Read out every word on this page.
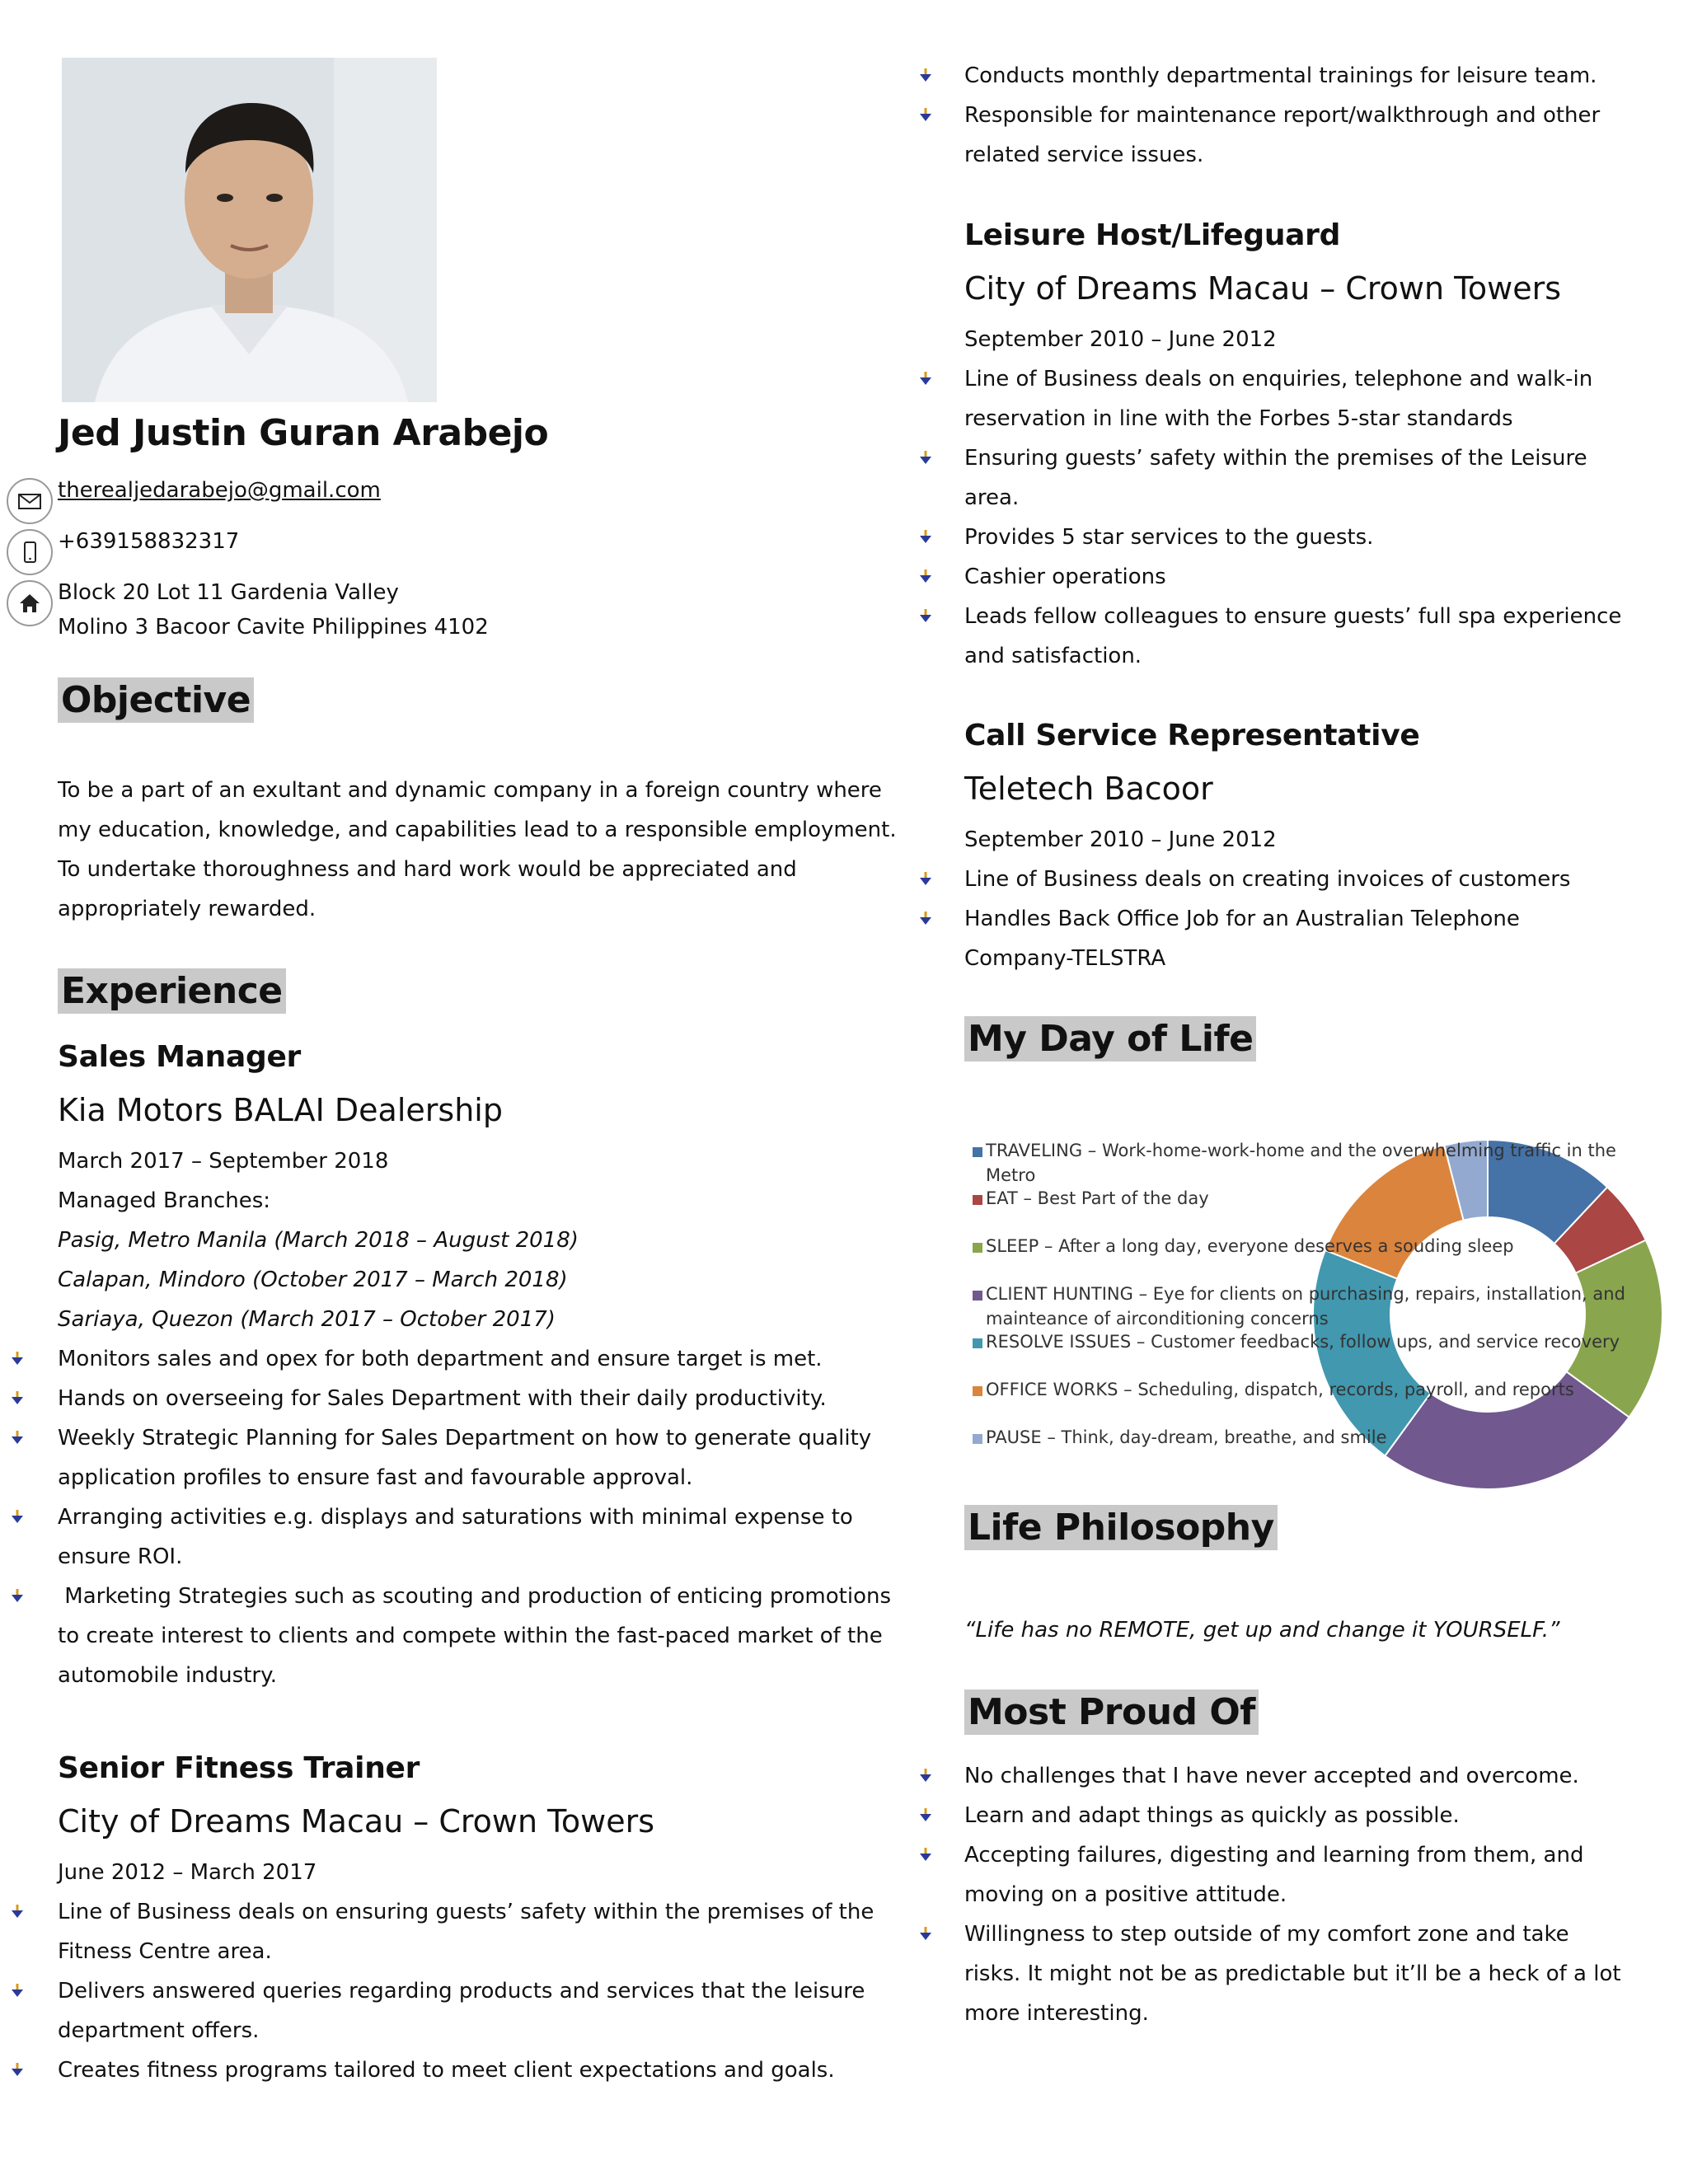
Jed Justin Guran Arabejo
therealjedarabejo@gmail.com
+639158832317
Block 20 Lot 11 Gardenia Valley
Molino 3 Bacoor Cavite Philippines 4102
Objective
To be a part of an exultant and dynamic company in a foreign country where
my education, knowledge, and capabilities lead to a responsible employment.
To undertake thoroughness and hard work would be appreciated and
appropriately rewarded.
Experience
Sales Manager
Kia Motors BALAI Dealership
March 2017 – September 2018
Managed Branches:
Pasig, Metro Manila (March 2018 – August 2018)
Calapan, Mindoro (October 2017 – March 2018)
Sariaya, Quezon (March 2017 – October 2017)
Monitors sales and opex for both department and ensure target is met.
Hands on overseeing for Sales Department with their daily productivity.
Weekly Strategic Planning for Sales Department on how to generate quality
application profiles to ensure fast and favourable approval.
Arranging activities e.g. displays and saturations with minimal expense to
ensure ROI.
Marketing Strategies such as scouting and production of enticing promotions
to create interest to clients and compete within the fast-paced market of the
automobile industry.
Senior Fitness Trainer
City of Dreams Macau – Crown Towers
June 2012 – March 2017
Line of Business deals on ensuring guests’ safety within the premises of the
Fitness Centre area.
Delivers answered queries regarding products and services that the leisure
department offers.
Creates fitness programs tailored to meet client expectations and goals.
Conducts monthly departmental trainings for leisure team.
Responsible for maintenance report/walkthrough and other
related service issues.
Leisure Host/Lifeguard
City of Dreams Macau – Crown Towers
September 2010 – June 2012
Line of Business deals on enquiries, telephone and walk-in
reservation in line with the Forbes 5-star standards
Ensuring guests’ safety within the premises of the Leisure
area.
Provides 5 star services to the guests.
Cashier operations
Leads fellow colleagues to ensure guests’ full spa experience
and satisfaction.
Call Service Representative
Teletech Bacoor
September 2010 – June 2012
Line of Business deals on creating invoices of customers
Handles Back Office Job for an Australian Telephone
Company-TELSTRA
My Day of Life
TRAVELING – Work-home-work-home and the overwhelming traffic in the
Metro
EAT – Best Part of the day
SLEEP – After a long day, everyone deserves a souding sleep
CLIENT HUNTING – Eye for clients on purchasing, repairs, installation, and
mainteance of airconditioning concerns
RESOLVE ISSUES – Customer feedbacks, follow ups, and service recovery
OFFICE WORKS – Scheduling, dispatch, records, payroll, and reports
PAUSE – Think, day-dream, breathe, and smile
Life Philosophy
“Life has no REMOTE, get up and change it YOURSELF.”
Most Proud Of
No challenges that I have never accepted and overcome.
Learn and adapt things as quickly as possible.
Accepting failures, digesting and learning from them, and
moving on a positive attitude.
Willingness to step outside of my comfort zone and take
risks. It might not be as predictable but it’ll be a heck of a lot
more interesting.
